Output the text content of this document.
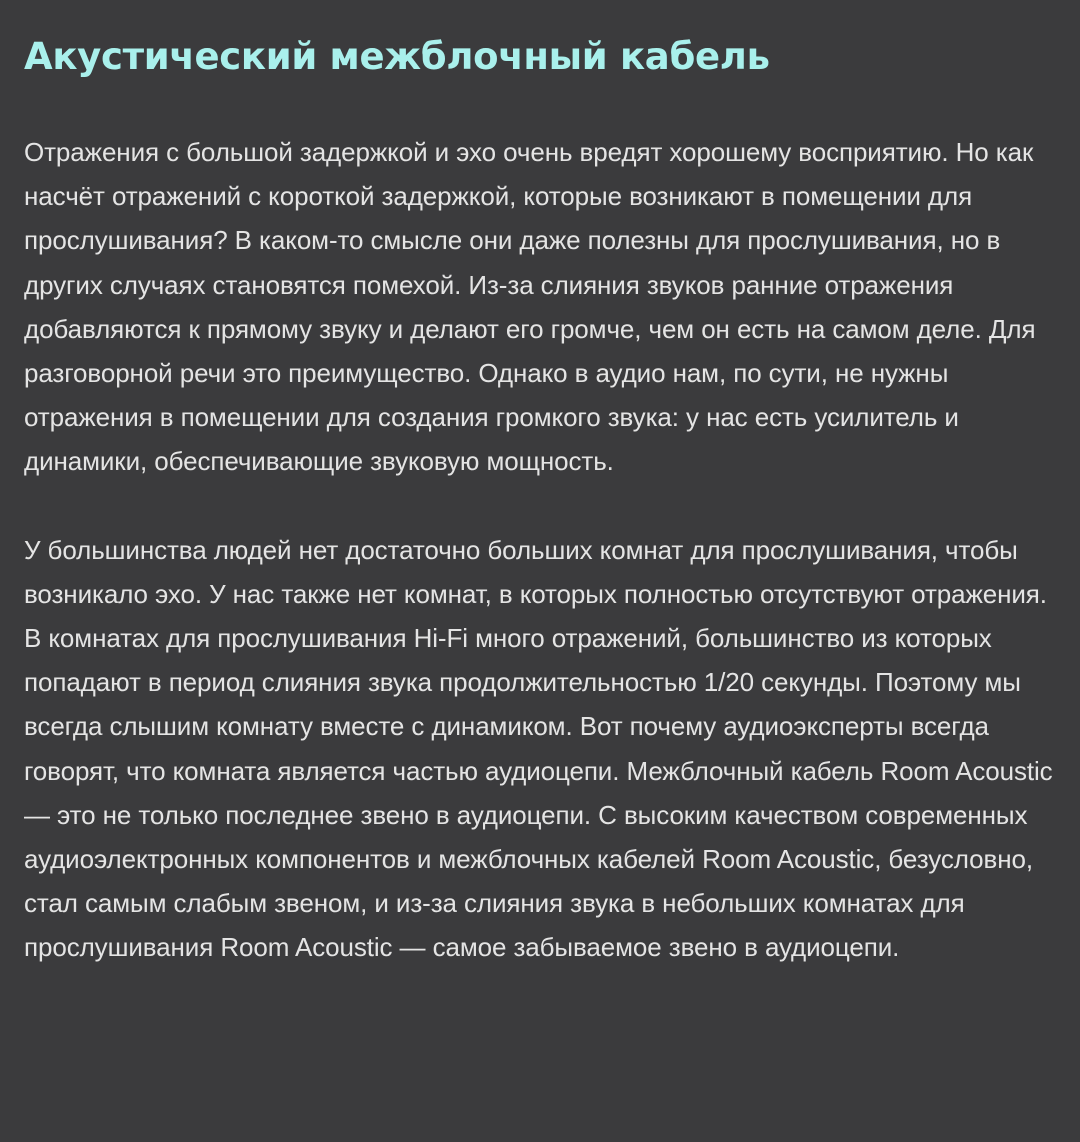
Акустический межблочный кабель

Отражения с большой задержкой и эхо очень вредят хорошему восприятию. Но как насчёт отражений с короткой задержкой, которые возникают в помещении для прослушивания? В каком-то смысле они даже полезны для прослушивания, но в других случаях становятся помехой. Из-за слияния звуков ранние отражения добавляются к прямому звуку и делают его громче, чем он есть на самом деле. Для разговорной речи это преимущество. Однако в аудио нам, по сути, не нужны отражения в помещении для создания громкого звука: у нас есть усилитель и динамики, обеспечивающие звуковую мощность.

У большинства людей нет достаточно больших комнат для прослушивания, чтобы возникало эхо. У нас также нет комнат, в которых полностью отсутствуют отражения. В комнатах для прослушивания Hi-Fi много отражений, большинство из которых попадают в период слияния звука продолжительностью 1/20 секунды. Поэтому мы всегда слышим комнату вместе с динамиком. Вот почему аудиоэксперты всегда говорят, что комната является частью аудиоцепи. Межблочный кабель Room Acoustic — это не только последнее звено в аудиоцепи. С высоким качеством современных аудиоэлектронных компонентов и межблочных кабелей Room Acoustic, безусловно, стал самым слабым звеном, и из-за слияния звука в небольших комнатах для прослушивания Room Acoustic — самое забываемое звено в аудиоцепи.
